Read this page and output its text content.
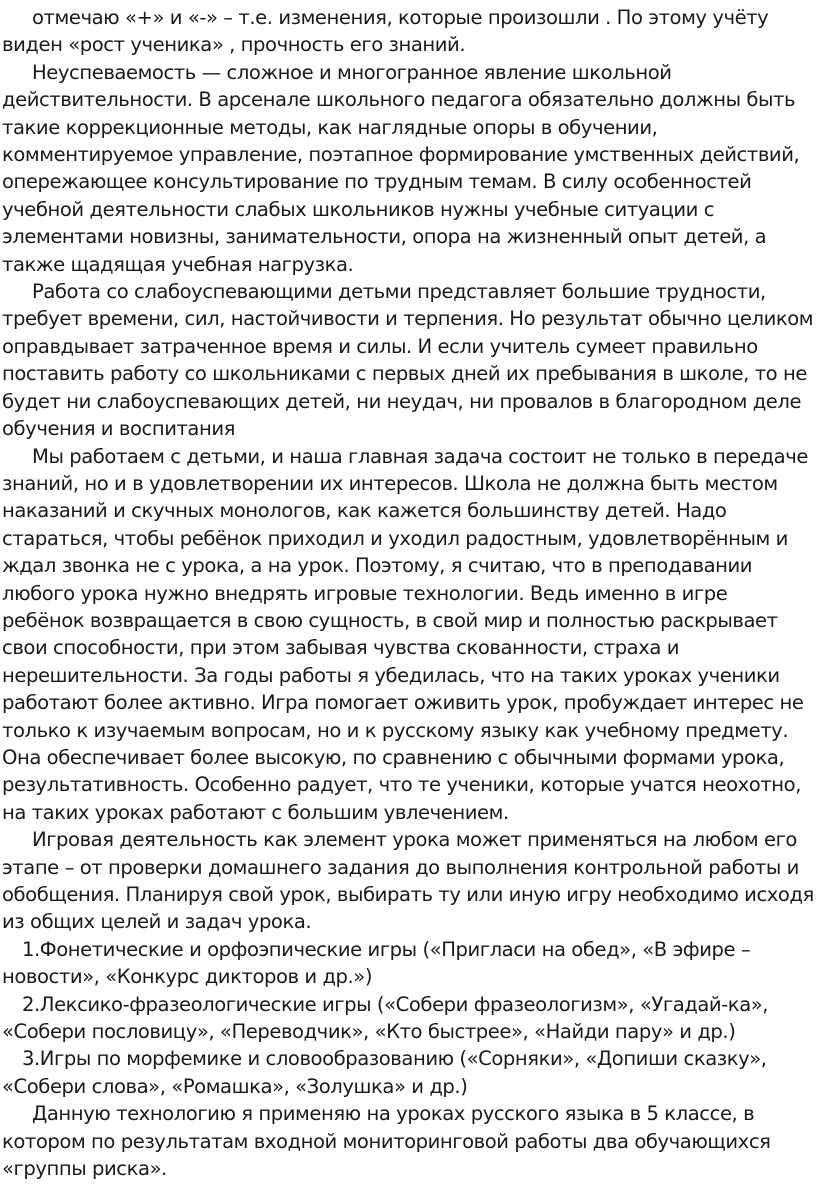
отмечаю «+» и «-» – т.е. изменения, которые произошли . По этому учёту виден «рост ученика» , прочность его знаний.

Неуспеваемость — сложное и многогранное явление школьной действительности. В арсенале школьного педагога обязательно должны быть такие коррекционные методы, как наглядные опоры в обучении, комментируемое управление, поэтапное формирование умственных действий, опережающее консультирование по трудным темам. В силу особенностей учебной деятельности слабых школьников нужны учебные ситуации с элементами новизны, занимательности, опора на жизненный опыт детей, а также щадящая учебная нагрузка.

Работа со слабоуспевающими детьми представляет большие трудности, требует времени, сил, настойчивости и терпения. Но результат обычно целиком оправдывает затраченное время и силы. И если учитель сумеет правильно поставить работу со школьниками с первых дней их пребывания в школе, то не будет ни слабоуспевающих детей, ни неудач, ни провалов в благородном деле обучения и воспитания

Мы работаем с детьми, и наша главная задача состоит не только в передаче знаний, но и в удовлетворении их интересов. Школа не должна быть местом наказаний и скучных монологов, как кажется большинству детей. Надо стараться, чтобы ребёнок приходил и уходил радостным, удовлетворённым и ждал звонка не с урока, а на урок. Поэтому, я считаю, что в преподавании любого урока нужно внедрять игровые технологии. Ведь именно в игре ребёнок возвращается в свою сущность, в свой мир и полностью раскрывает свои способности, при этом забывая чувства скованности, страха и нерешительности. За годы работы я убедилась, что на таких уроках ученики работают более активно. Игра помогает оживить урок, пробуждает интерес не только к изучаемым вопросам, но и к русскому языку как учебному предмету. Она обеспечивает более высокую, по сравнению с обычными формами урока, результативность. Особенно радует, что те ученики, которые учатся неохотно, на таких уроках работают с большим увлечением.

Игровая деятельность как элемент урока может применяться на любом его этапе – от проверки домашнего задания до выполнения контрольной работы и обобщения. Планируя свой урок, выбирать ту или иную игру необходимо исходя из общих целей и задач урока.

1.Фонетические и орфоэпические игры («Пригласи на обед», «В эфире – новости», «Конкурс дикторов и др.»)

2.Лексико-фразеологические игры («Собери фразеологизм», «Угадай-ка», «Собери пословицу», «Переводчик», «Кто быстрее», «Найди пару» и др.)

3.Игры по морфемике и словообразованию («Сорняки», «Допиши сказку», «Собери слова», «Ромашка», «Золушка» и др.)

Данную технологию я применяю на уроках русского языка в 5 классе, в котором по результатам входной мониторинговой работы два обучающихся «группы риска».
